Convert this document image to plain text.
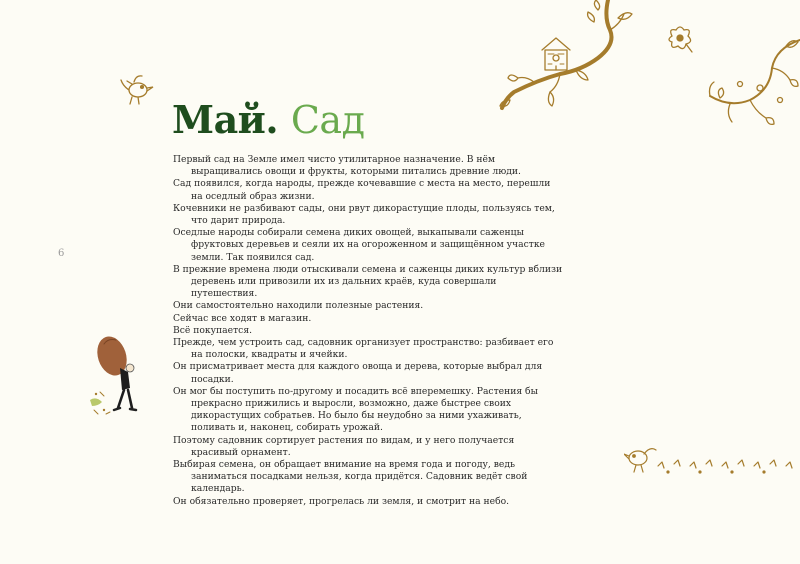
Май. Сад
6

Первый сад на Земле имел чисто утилитарное назначение. В нём выращивались овощи и фрукты, которыми питались древние люди.

Сад появился, когда народы, прежде кочевавшие с места на место, перешли на оседлый образ жизни.

Кочевники не разбивают сады, они рвут дикорастущие плоды, пользуясь тем, что дарит природа.

Оседлые народы собирали семена диких овощей, выкапывали саженцы фруктовых деревьев и сеяли их на огороженном и защищённом участке земли. Так появился сад.

В прежние времена люди отыскивали семена и саженцы диких культур вблизи деревень или привозили их из дальних краёв, куда совершали путешествия.

Они самостоятельно находили полезные растения.

Сейчас все ходят в магазин.

Всё покупается.

Прежде, чем устроить сад, садовник организует пространство: разбивает его на полоски, квадраты и ячейки.

Он присматривает места для каждого овоща и дерева, которые выбрал для посадки.

Он мог бы поступить по-другому и посадить всё вперемешку. Растения бы прекрасно прижились и выросли, возможно, даже быстрее своих дикорастущих собратьев. Но было бы неудобно за ними ухаживать, поливать и, наконец, собирать урожай.

Поэтому садовник сортирует растения по видам, и у него получается красивый орнамент.

Выбирая семена, он обращает внимание на время года и погоду, ведь заниматься посадками нельзя, когда придётся. Садовник ведёт свой календарь.

Он обязательно проверяет, прогрелась ли земля, и смотрит на небо.
